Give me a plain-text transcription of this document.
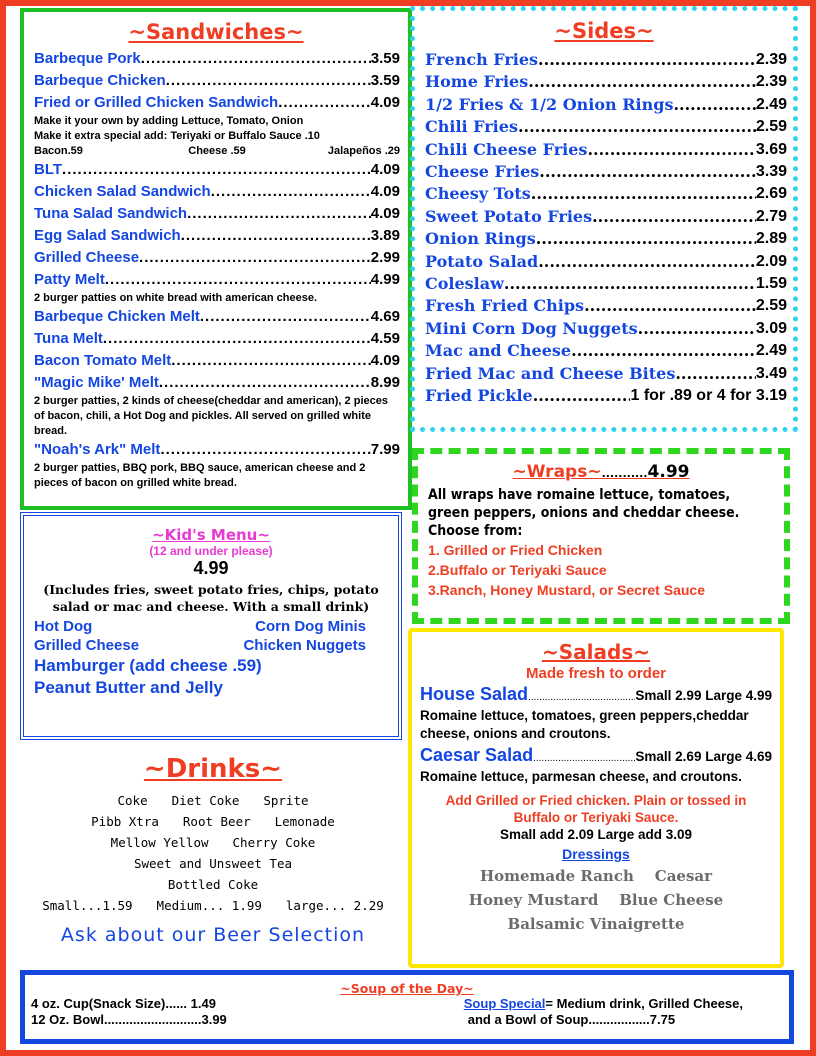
~Sandwiches~
Barbeque Pork .....	3.59
Barbeque Chicken .....	3.59
Fried or Grilled Chicken Sandwich .....	4.09
Make it your own by adding Lettuce, Tomato, Onion
Make it extra special add: Teriyaki or Buffalo Sauce .10
Bacon.59	Cheese .59	Jalapeños .29
BLT .....	4.09
Chicken Salad Sandwich .....	4.09
Tuna Salad Sandwich .....	4.09
Egg Salad Sandwich .....	3.89
Grilled Cheese .....	2.99
Patty Melt .....	4.99
2 burger patties on white bread with american cheese.
Barbeque Chicken Melt .....	4.69
Tuna Melt .....	4.59
Bacon Tomato Melt .....	4.09
"Magic Mike' Melt .....	8.99
2 burger patties, 2 kinds of cheese(cheddar and american), 2 pieces of bacon, chili, a Hot Dog and pickles. All served on grilled white bread.
"Noah's Ark" Melt .....	7.99
2 burger patties, BBQ pork, BBQ sauce, american cheese and 2 pieces of bacon on grilled white bread.
~Sides~
French Fries .....	2.39
Home Fries .....	2.39
1/2 Fries & 1/2 Onion Rings .....	2.49
Chili Fries .....	2.59
Chili Cheese Fries .....	3.69
Cheese Fries .....	3.39
Cheesy Tots .....	2.69
Sweet Potato Fries .....	2.79
Onion Rings .....	2.89
Potato Salad .....	2.09
Coleslaw .....	1.59
Fresh Fried Chips .....	2.59
Mini Corn Dog Nuggets .....	3.09
Mac and Cheese .....	2.49
Fried Mac and Cheese Bites .....	3.49
Fried Pickle .....	1 for .89 or 4 for 3.19
~Wraps~...........4.99
All wraps have romaine lettuce, tomatoes, green peppers, onions and cheddar cheese. Choose from:
1. Grilled or Fried Chicken
2.Buffalo or Teriyaki Sauce
3.Ranch, Honey Mustard, or Secret Sauce
~Kid's Menu~
(12 and under please)
4.99
(Includes fries, sweet potato fries, chips, potato salad or mac and cheese. With a small drink)
Hot Dog	Corn Dog Minis
Grilled Cheese	Chicken Nuggets
Hamburger (add cheese .59)
Peanut Butter and Jelly
~Drinks~
Coke Diet Coke Sprite
Pibb Xtra Root Beer Lemonade
Mellow Yellow Cherry Coke
Sweet and Unsweet Tea
Bottled Coke
Small...1.59 Medium... 1.99 large... 2.29
Ask about our Beer Selection
~Salads~
Made fresh to order
House Salad .....	Small 2.99 Large 4.99
Romaine lettuce, tomatoes, green peppers,cheddar cheese, onions and croutons.
Caesar Salad .....	Small 2.69 Large 4.69
Romaine lettuce, parmesan cheese, and croutons.
Add Grilled or Fried chicken. Plain or tossed in Buffalo or Teriyaki Sauce.
Small add 2.09 Large add 3.09
Dressings
Homemade Ranch    Caesar
Honey Mustard    Blue Cheese
Balsamic Vinaigrette
~Soup of the Day~
4 oz. Cup(Snack Size)...... 1.49
12 Oz. Bowl...........................3.99
Soup Special= Medium drink, Grilled Cheese,
and a Bowl of Soup.................7.75
